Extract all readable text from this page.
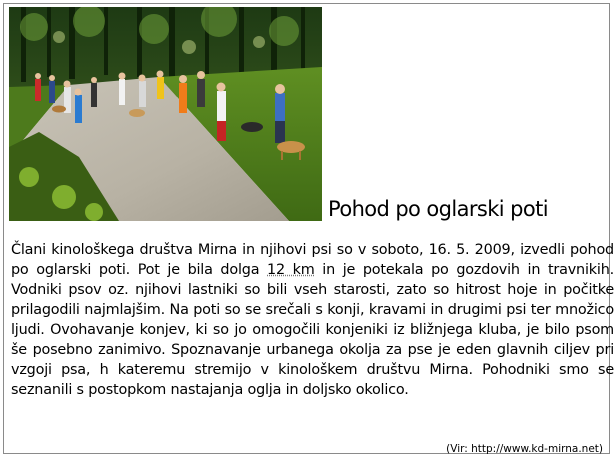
Pohod po oglarski poti

Člani kinološkega društva Mirna in njihovi psi so v soboto, 16. 5. 2009, izvedli pohod po oglarski poti. Pot je bila dolga 12 km in je potekala po gozdovih in travnikih. Vodniki psov oz. njihovi lastniki so bili vseh starosti, zato so hitrost hoje in počitke prilagodili najmlajšim. Na poti so se srečali s konji, kravami in drugimi psi ter množico ljudi. Ovohavanje konjev, ki so jo omogočili konjeniki iz bližnjega kluba, je bilo psom še posebno zanimivo. Spoznavanje urbanega okolja za pse je eden glavnih ciljev pri vzgoji psa, h kateremu stremijo v kinološkem društvu Mirna. Pohodniki smo se seznanili s postopkom nastajanja oglja in doljsko okolico.

(Vir: http://www.kd-mirna.net)
